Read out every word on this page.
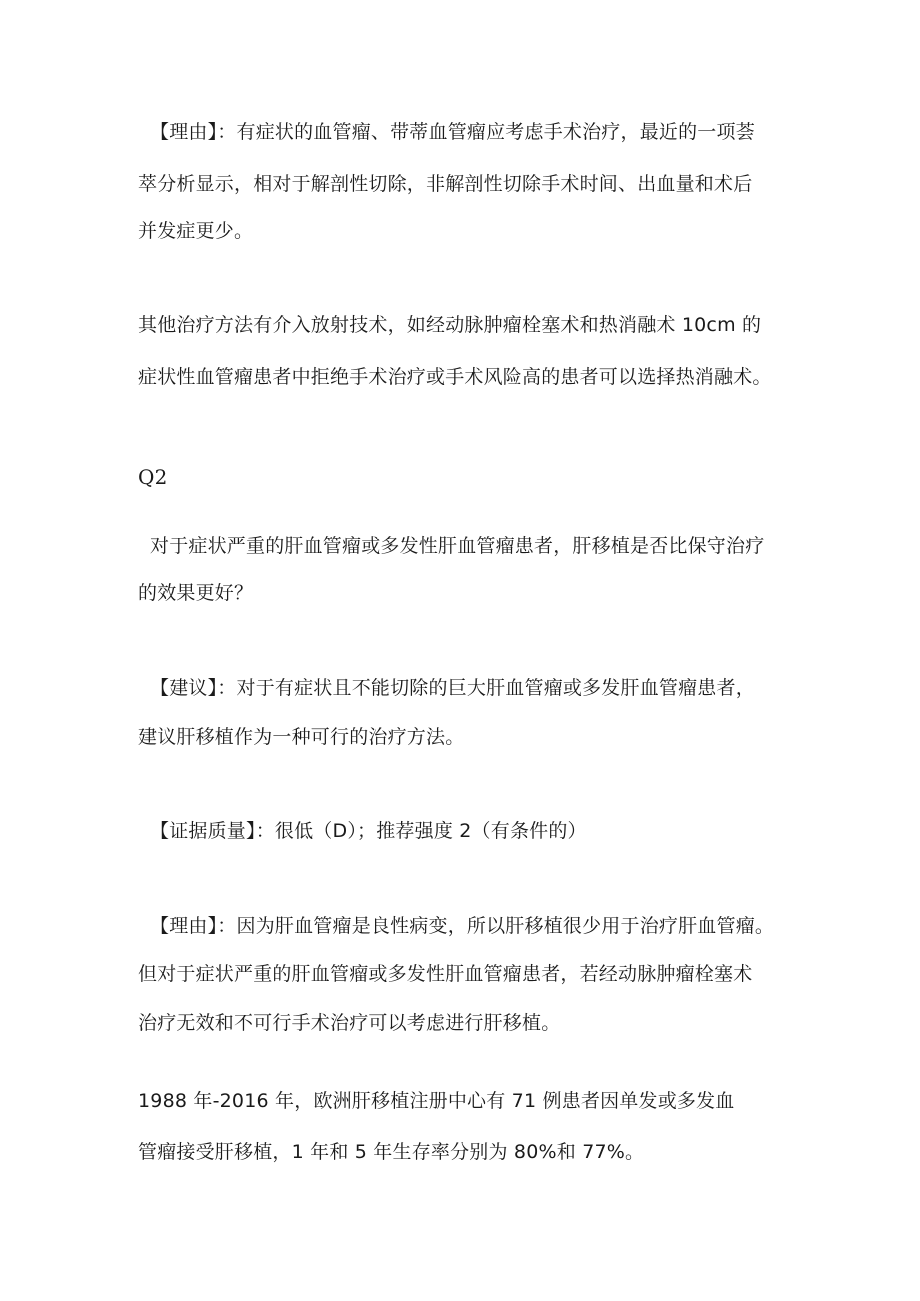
【理由】：有症状的血管瘤、带蒂血管瘤应考虑手术治疗，最近的一项荟

萃分析显示，相对于解剖性切除，非解剖性切除手术时间、出血量和术后

并发症更少。

其他治疗方法有介入放射技术，如经动脉肿瘤栓塞术和热消融术 10cm 的

症状性血管瘤患者中拒绝手术治疗或手术风险高的患者可以选择热消融术。

Q2

对于症状严重的肝血管瘤或多发性肝血管瘤患者，肝移植是否比保守治疗

的效果更好？

【建议】：对于有症状且不能切除的巨大肝血管瘤或多发肝血管瘤患者，

建议肝移植作为一种可行的治疗方法。

【证据质量】：很低（D）；推荐强度 2（有条件的）

【理由】：因为肝血管瘤是良性病变，所以肝移植很少用于治疗肝血管瘤。

但对于症状严重的肝血管瘤或多发性肝血管瘤患者，若经动脉肿瘤栓塞术

治疗无效和不可行手术治疗可以考虑进行肝移植。

1988 年-2016 年，欧洲肝移植注册中心有 71 例患者因单发或多发血

管瘤接受肝移植，1 年和 5 年生存率分别为 80%和 77%。
